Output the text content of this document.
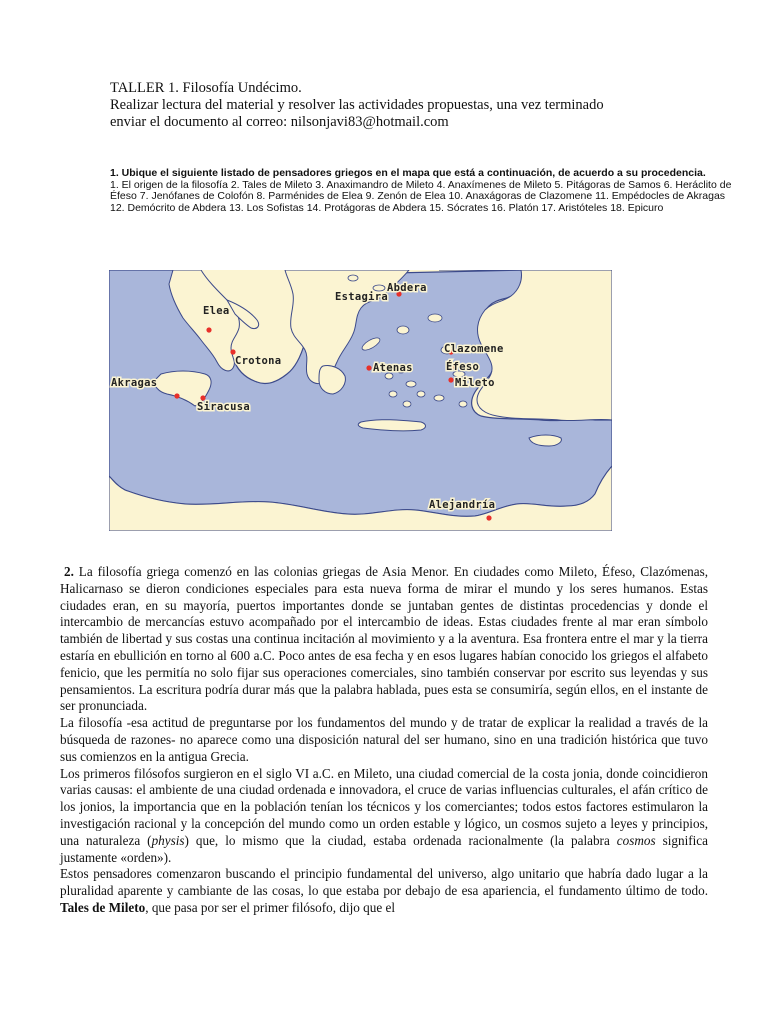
TALLER 1. Filosofía Undécimo.
Realizar lectura del material y resolver las actividades propuestas, una vez terminado
enviar el documento al correo: nilsonjavi83@hotmail.com
1. Ubique el siguiente listado de pensadores griegos en el mapa que está a continuación, de acuerdo a su procedencia.
1. El origen de la filosofía 2. Tales de Mileto 3. Anaximandro de Mileto 4. Anaxímenes de Mileto 5. Pitágoras de Samos 6. Heráclito de Éfeso 7. Jenófanes de Colofón 8. Parménides de Elea 9. Zenón de Elea 10. Anaxágoras de Clazomene 11. Empédocles de Akragas 12. Demócrito de Abdera 13. Los Sofistas 14. Protágoras de Abdera 15. Sócrates 16. Platón 17. Aristóteles 18. Epicuro
Elea
Estagira
Abdera
Crotona
Clazomene
Atenas	Éfeso
Mileto
Akragas
Siracusa
Alejandría

2. La filosofía griega comenzó en las colonias griegas de Asia Menor. En ciudades como Mileto, Éfeso, Clazómenas, Halicarnaso se dieron condiciones especiales para esta nueva forma de mirar el mundo y los seres humanos. Estas ciudades eran, en su mayoría, puertos importantes donde se juntaban gentes de distintas procedencias y donde el intercambio de mercancías estuvo acompañado por el intercambio de ideas. Estas ciudades frente al mar eran símbolo también de libertad y sus costas una continua incitación al movimiento y a la aventura. Esa frontera entre el mar y la tierra estaría en ebullición en torno al 600 a.C. Poco antes de esa fecha y en esos lugares habían conocido los griegos el alfabeto fenicio, que les permitía no solo fijar sus operaciones comerciales, sino también conservar por escrito sus leyendas y sus pensamientos. La escritura podría durar más que la palabra hablada, pues esta se consumiría, según ellos, en el instante de ser pronunciada.

La filosofía -esa actitud de preguntarse por los fundamentos del mundo y de tratar de explicar la realidad a través de la búsqueda de razones- no aparece como una disposición natural del ser humano, sino en una tradición histórica que tuvo sus comienzos en la antigua Grecia.

Los primeros filósofos surgieron en el siglo VI a.C. en Mileto, una ciudad comercial de la costa jonia, donde coincidieron varias causas: el ambiente de una ciudad ordenada e innovadora, el cruce de varias influencias culturales, el afán crítico de los jonios, la importancia que en la población tenían los técnicos y los comerciantes; todos estos factores estimularon la investigación racional y la concepción del mundo como un orden estable y lógico, un cosmos sujeto a leyes y principios, una naturaleza (physis) que, lo mismo que la ciudad, estaba ordenada racionalmente (la palabra cosmos significa justamente «orden»).

Estos pensadores comenzaron buscando el principio fundamental del universo, algo unitario que habría dado lugar a la pluralidad aparente y cambiante de las cosas, lo que estaba por debajo de esa apariencia, el fundamento último de todo. Tales de Mileto, que pasa por ser el primer filósofo, dijo que el
